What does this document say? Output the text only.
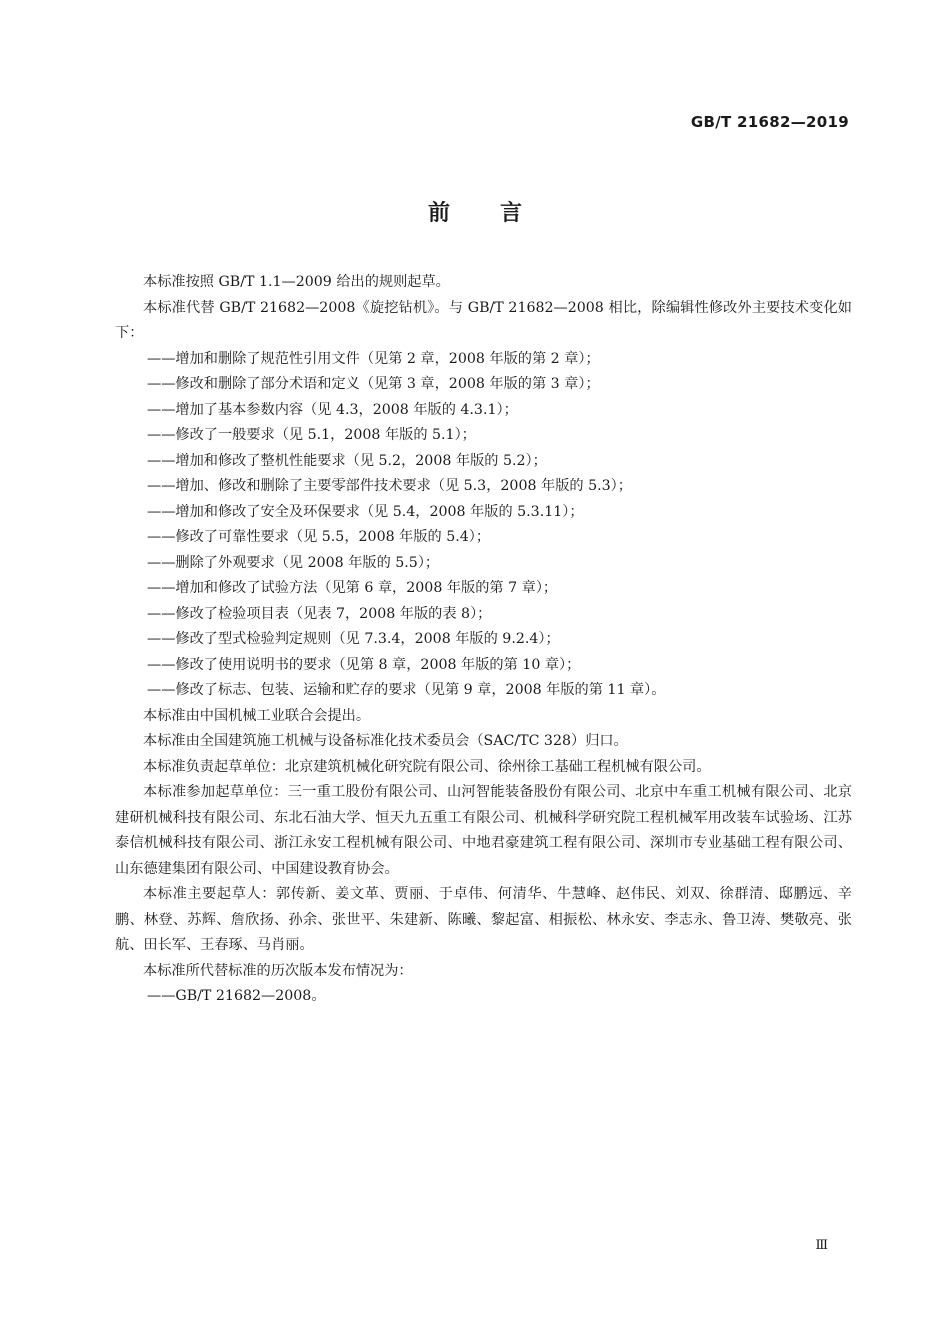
GB/T 21682—2019
前 言

本标准按照 GB/T 1.1—2009 给出的规则起草。

本标准代替 GB/T 21682—2008《旋挖钻机》。与 GB/T 21682—2008 相比，除编辑性修改外主要技术变化如下：

——增加和删除了规范性引用文件（见第 2 章，2008 年版的第 2 章）；

——修改和删除了部分术语和定义（见第 3 章，2008 年版的第 3 章）；

——增加了基本参数内容（见 4.3，2008 年版的 4.3.1）；

——修改了一般要求（见 5.1，2008 年版的 5.1）；

——增加和修改了整机性能要求（见 5.2，2008 年版的 5.2）；

——增加、修改和删除了主要零部件技术要求（见 5.3，2008 年版的 5.3）；

——增加和修改了安全及环保要求（见 5.4，2008 年版的 5.3.11）；

——修改了可靠性要求（见 5.5，2008 年版的 5.4）；

——删除了外观要求（见 2008 年版的 5.5）；

——增加和修改了试验方法（见第 6 章，2008 年版的第 7 章）；

——修改了检验项目表（见表 7，2008 年版的表 8）；

——修改了型式检验判定规则（见 7.3.4，2008 年版的 9.2.4）；

——修改了使用说明书的要求（见第 8 章，2008 年版的第 10 章）；

——修改了标志、包装、运输和贮存的要求（见第 9 章，2008 年版的第 11 章）。

本标准由中国机械工业联合会提出。

本标准由全国建筑施工机械与设备标准化技术委员会（SAC/TC 328）归口。

本标准负责起草单位：北京建筑机械化研究院有限公司、徐州徐工基础工程机械有限公司。

本标准参加起草单位：三一重工股份有限公司、山河智能装备股份有限公司、北京中车重工机械有限公司、北京建研机械科技有限公司、东北石油大学、恒天九五重工有限公司、机械科学研究院工程机械军用改装车试验场、江苏泰信机械科技有限公司、浙江永安工程机械有限公司、中地君豪建筑工程有限公司、深圳市专业基础工程有限公司、山东德建集团有限公司、中国建设教育协会。

本标准主要起草人：郭传新、姜文革、贾丽、于卓伟、何清华、牛慧峰、赵伟民、刘双、徐群清、邸鹏远、辛鹏、林登、苏辉、詹欣扬、孙余、张世平、朱建新、陈曦、黎起富、相振松、林永安、李志永、鲁卫涛、樊敬亮、张航、田长军、王春琢、马肖丽。

本标准所代替标准的历次版本发布情况为：

——GB/T 21682—2008。

Ⅲ
